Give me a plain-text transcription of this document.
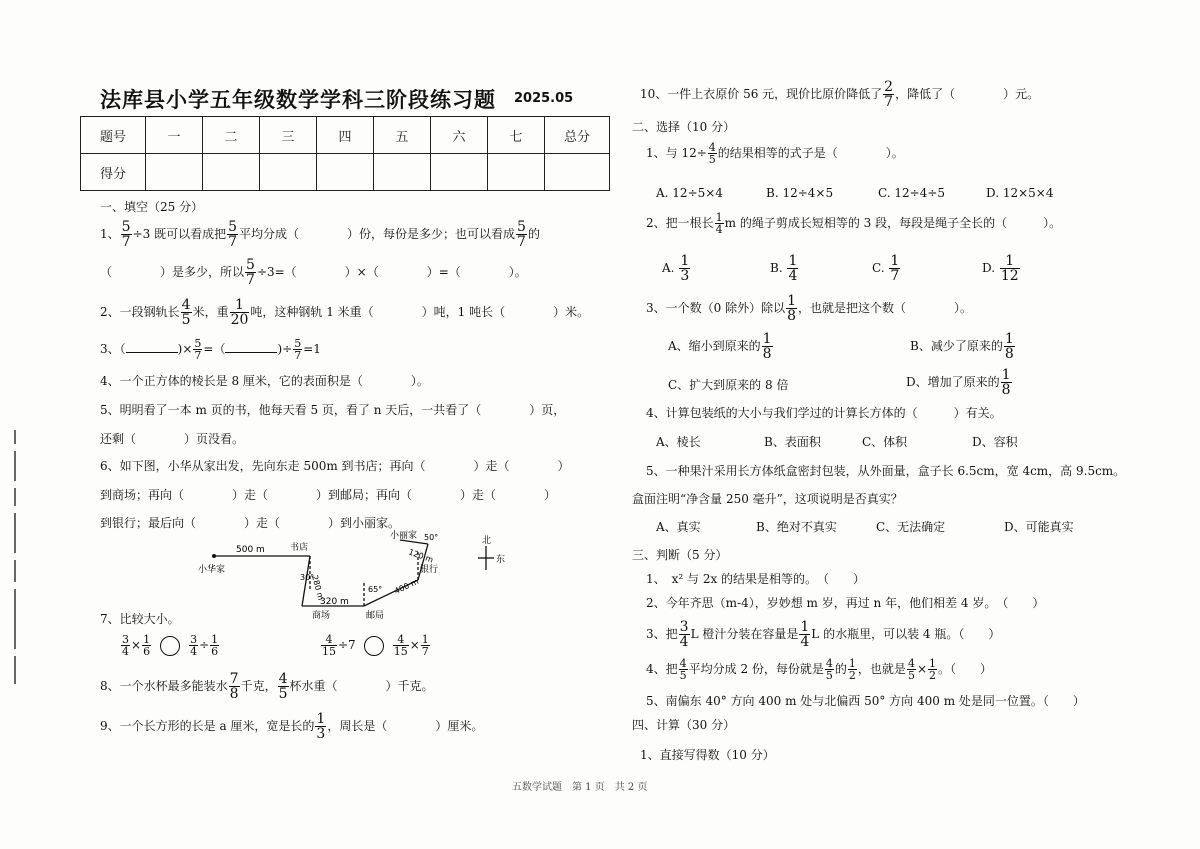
法库县小学五年级数学学科三阶段练习题 2025.05
题号	一	二	三	四	五	六	七	总分
得分								
一、填空（25 分）
1、 $\frac{5}{7} \div 3$ 既可以看成把 $\frac{5}{7}$ 平均分成（　　　　）份，每份是多少；也可以看成 $\frac{5}{7}$ 的
（　　　　）是多少，所以 $\frac{5}{7} \div 3=$（　　　　）×（　　　　）=（　　　　）。
2、一段钢轨长 $\frac{4}{5}$ 米，重 $\frac{1}{20}$ 吨，这种钢轨 1 米重（　　　　）吨，1 吨长（　　　　）米。
3、（	)× $\frac{5}{7}$ =（	)÷ $\frac{5}{7} =1$
4、一个正方体的棱长是 8 厘米，它的表面积是（　　　　）。
5、明明看了一本 m 页的书，他每天看 5 页，看了 n 天后，一共看了（　　　　）页，
还剩（　　　　）页没看。
6、如下图，小华从家出发，先向东走 500m 到书店；再向（　　　　）走（　　　　）
到商场；再向（　　　　）走（　　　　）到邮局；再向（　　　　）走（　　　　）
到银行；最后向（　　　　）走（　　　　）到小丽家。
500 m	书店
小华家
280 m
30°
320 m
商场	邮局
65° 400 m
银行
120 m
50°
小丽家	北
东
7、比较大小。
$\frac{3}{4} \times \frac{1}{6}$	$\frac{3}{4} \div \frac{1}{6}$	$\frac{4}{15} \div 7$	$\frac{4}{15} \times \frac{1}{7}$
8、一个水杯最多能装水 $\frac{7}{8}$ 千克， $\frac{4}{5}$ 杯水重（　　　　）千克。
9、一个长方形的长是 a 厘米，宽是长的 $\frac{1}{3}$ ，周长是（　　　　）厘米。
10、一件上衣原价 56 元，现价比原价降低了 $\frac{2}{7}$ ，降低了（　　　　）元。
二、选择（10 分）
1、与 $12\div \frac{4}{5}$ 的结果相等的式子是（　　　　）。
A. 12÷5×4	B. 12÷4×5	C. 12÷4÷5	D. 12×5×4
2、把一根长 $\frac{1}{4}$ m 的绳子剪成长短相等的 3 段，每段是绳子全长的（　　　）。
A. $\frac{1}{3}$	B. $\frac{1}{4}$	C. $\frac{1}{7}$	D. $\frac{1}{12}$
3、一个数（0 除外）除以 $\frac{1}{8}$ ，也就是把这个数（　　　　）。
A、缩小到原来的 $\frac{1}{8}$	B、减少了原来的 $\frac{1}{8}$
C、扩大到原来的 8 倍	D、增加了原来的 $\frac{1}{8}$
4、计算包装纸的大小与我们学过的计算长方体的（　　　）有关。
A、棱长	B、表面积	C、体积	D、容积
5、一种果汁采用长方体纸盒密封包装，从外面量，盒子长 6.5cm，宽 4cm，高 9.5cm。
盒面注明“净含量 250 毫升”，这项说明是否真实？
A、真实	B、绝对不真实	C、无法确定	D、可能真实
三、判断（5 分）
1、　x² 与 2x 的结果是相等的。　（　　）
2、今年齐思（m-4），岁妙想 m 岁，再过 n 年，他们相差 4 岁。　（　　）
3、把 $\frac{3}{4}$ L 橙汁分装在容量是 $\frac{1}{4}$ L 的水瓶里，可以装 4 瓶。（　　）
4、把 $\frac{4}{5}$ 平均分成 2 份，每份就是 $\frac{4}{5}$ 的 $\frac{1}{2}$ ，也就是 $\frac{4}{5} \times \frac{1}{2}$ 。（　　）
5、南偏东 40° 方向 400 m 处与北偏西 50° 方向 400 m 处是同一位置。（　　）
四、计算（30 分）
1、直接写得数（10 分）
五数学试题　第 1 页　共 2 页
